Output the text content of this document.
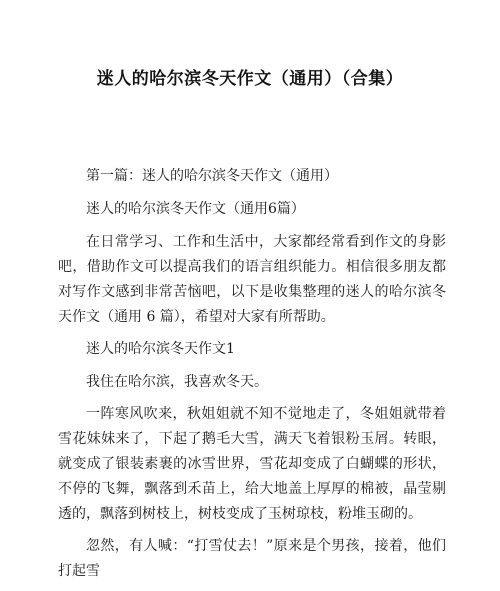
迷人的哈尔滨冬天作文（通用）（合集）

第一篇：迷人的哈尔滨冬天作文（通用）

迷人的哈尔滨冬天作文（通用6篇）

在日常学习、工作和生活中，大家都经常看到作文的身影吧，借助作文可以提高我们的语言组织能力。相信很多朋友都对写作文感到非常苦恼吧，以下是收集整理的迷人的哈尔滨冬天作文（通用 6 篇），希望对大家有所帮助。

迷人的哈尔滨冬天作文1

我住在哈尔滨，我喜欢冬天。

一阵寒风吹来，秋姐姐就不知不觉地走了，冬姐姐就带着雪花妹妹来了，下起了鹅毛大雪，满天飞着银粉玉屑。转眼，就变成了银装素裹的冰雪世界，雪花却变成了白蝴蝶的形状，不停的飞舞，飘落到禾苗上，给大地盖上厚厚的棉被，晶莹剔透的，飘落到树枝上，树枝变成了玉树琼枝，粉堆玉砌的。

忽然，有人喊：“打雪仗去！”原来是个男孩，接着，他们打起雪
